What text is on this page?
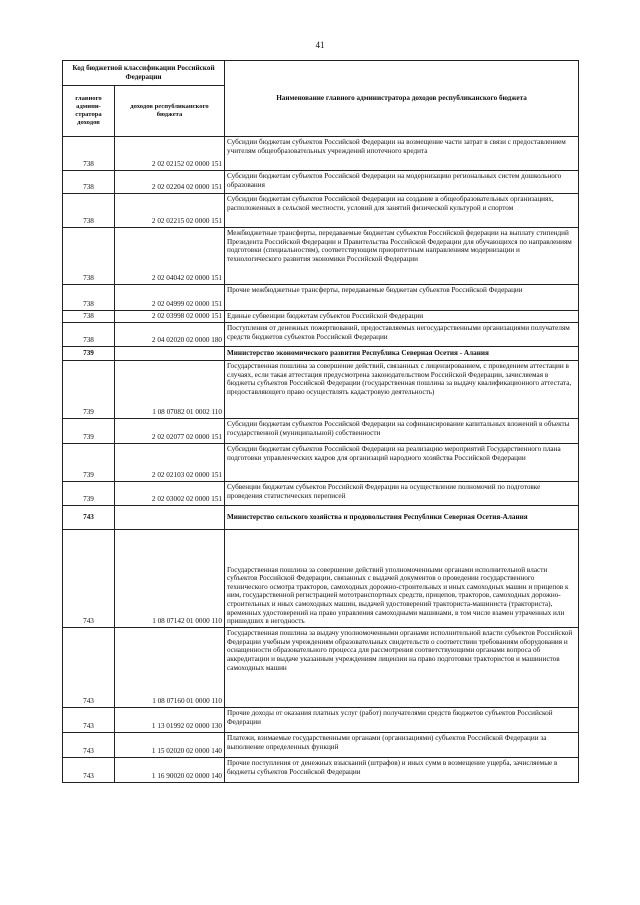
41
Код бюджетной классификации Российской Федерации		Наименование главного администратора доходов республиканского бюджета
главного админи-стратора доходов	доходов республиканского бюджета	
738	2 02 02152 02 0000 151	Субсидии бюджетам субъектов Российской Федерации на возмещение части затрат в связи с предоставлением учителям общеобразовательных учреждений ипотечного кредита
738	2 02 02204 02 0000 151	Субсидии бюджетам субъектов Российской Федерации на модернизацию региональных систем дошкольного образования
738	2 02 02215 02 0000 151	Субсидии бюджетам субъектов Российской Федерации на создание в общеобразовательных организациях, расположенных в сельской местности, условий для занятий физической культурой и спортом
738	2 02 04042 02 0000 151	Межбюджетные трансферты, передаваемые бюджетам субъектов Российской федерации на выплату стипендий Президента Российской Федерации и Правительства Российской Федерации для обучающихся по направлениям подготовки (специальностям), соответствующим приоритетным направлениям модернизации и технологического развития экономики Российской Федерации
738	2 02 04999 02 0000 151	Прочие межбюджетные трансферты, передаваемые бюджетам субъектов Российской Федерации
738	2 02 03998 02 0000 151	Единые субвенции бюджетам субъектов Российской Федерации
738	2 04 02020 02 0000 180	Поступления от денежных пожертвований, предоставляемых негосударственными организациями получателям средств бюджетов субъектов Российской Федерации
739		Министерство экономического развития Республика Северная Осетия - Алания
739	1 08 07082 01 0002 110	Государственная пошлина за совершение действий, связанных с лицензированием, с проведением аттестации в случаях, если такая аттестация предусмотрена законодательством Российской Федерации, зачисляемая в бюджеты субъектов Российской Федерации (государственная пошлина за выдачу квалификационного аттестата, предоставляющего право осуществлять кадастровую деятельность)
739	2 02 02077 02 0000 151	Субсидии бюджетам субъектов Российской Федерации на софинансирование капитальных вложений в объекты государственной (муниципальной) собственности
739	2 02 02103 02 0000 151	Субсидии бюджетам субъектов Российской Федерации на реализацию мероприятий Государственного плана подготовки управленческих кадров для организаций народного хозяйства Российской Федерации
739	2 02 03002 02 0000 151	Субвенции бюджетам субъектов Российской Федерации на осуществление полномочий по подготовке проведения статистических переписей
743		Министерство сельского хозяйства и продовольствия Республики Северная Осетия-Алания
743	1 08 07142 01 0000 110	Государственная пошлина за совершение действий уполномоченными органами исполнительной власти субъектов Российской Федерации, связанных с выдачей документов о проведении государственного технического осмотра тракторов, самоходных дорожно-строительных и иных самоходных машин и прицепов к ним, государственной регистрацией мототранспортных средств, прицепов, тракторов, самоходных дорожно-строительных и иных самоходных машин, выдачей удостоверений тракториста-машиниста (тракториста), временных удостоверений на право управления самоходными машинами, в том числе взамен утраченных или пришедших в негодность
743	1 08 07160 01 0000 110	Государственная пошлина за выдачу уполномоченными органами исполнительной власти субъектов Российской Федерации учебным учреждениям образовательных свидетельств о соответствии требованиям оборудования и оснащенности образовательного процесса для рассмотрения соответствующими органами вопроса об аккредитации и выдаче указанным учреждениям лицензии на право подготовки трактористов и машинистов самоходных машин
743	1 13 01992 02 0000 130	Прочие доходы от оказания платных услуг (работ) получателями средств бюджетов субъектов Российской Федерации
743	1 15 02020 02 0000 140	Платежи, взимаемые государственными органами (организациями) субъектов Российской Федерации за выполнение определенных функций
743	1 16 90020 02 0000 140	Прочие поступления от денежных взысканий (штрафов) и иных сумм в возмещение ущерба, зачисляемые в бюджеты субъектов Российской Федерации
